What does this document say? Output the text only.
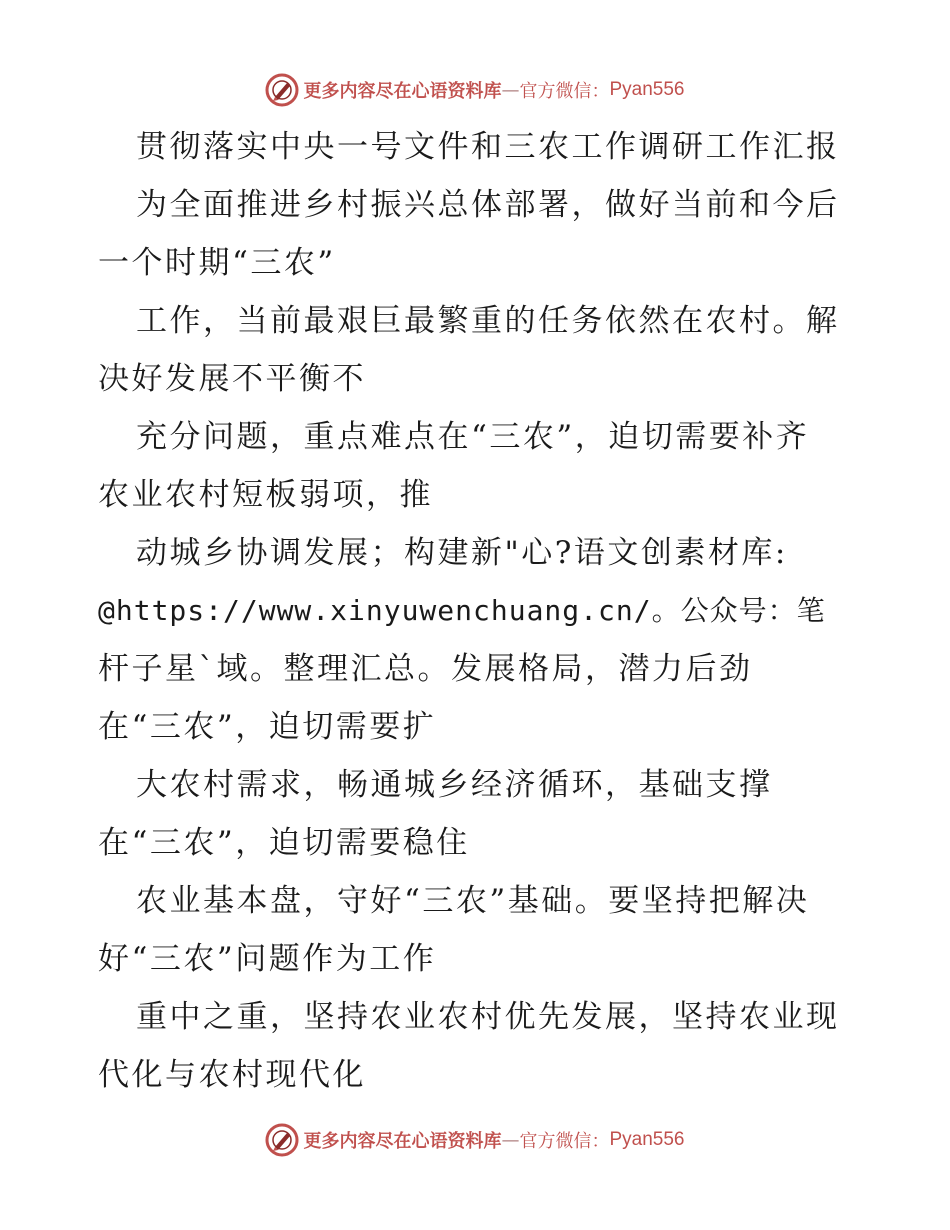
更多内容尽在心语资料库 — 官方微信： Pyan556
贯彻落实中央一号文件和三农工作调研工作汇报
为全面推进乡村振兴总体部署，做好当前和今后
一个时期“三农”
工作，当前最艰巨最繁重的任务依然在农村。解
决好发展不平衡不
充分问题，重点难点在“三农”，迫切需要补齐
农业农村短板弱项，推
动城乡协调发展；构建新"心?语文创素材库:
@https://www.xinyuwenchuang.cn/。公众号：笔
杆子星`域。整理汇总。发展格局，潜力后劲
在“三农”，迫切需要扩
大农村需求，畅通城乡经济循环，基础支撑
在“三农”，迫切需要稳住
农业基本盘，守好“三农”基础。要坚持把解决
好“三农”问题作为工作
重中之重，坚持农业农村优先发展，坚持农业现
代化与农村现代化
更多内容尽在心语资料库 — 官方微信： Pyan556
